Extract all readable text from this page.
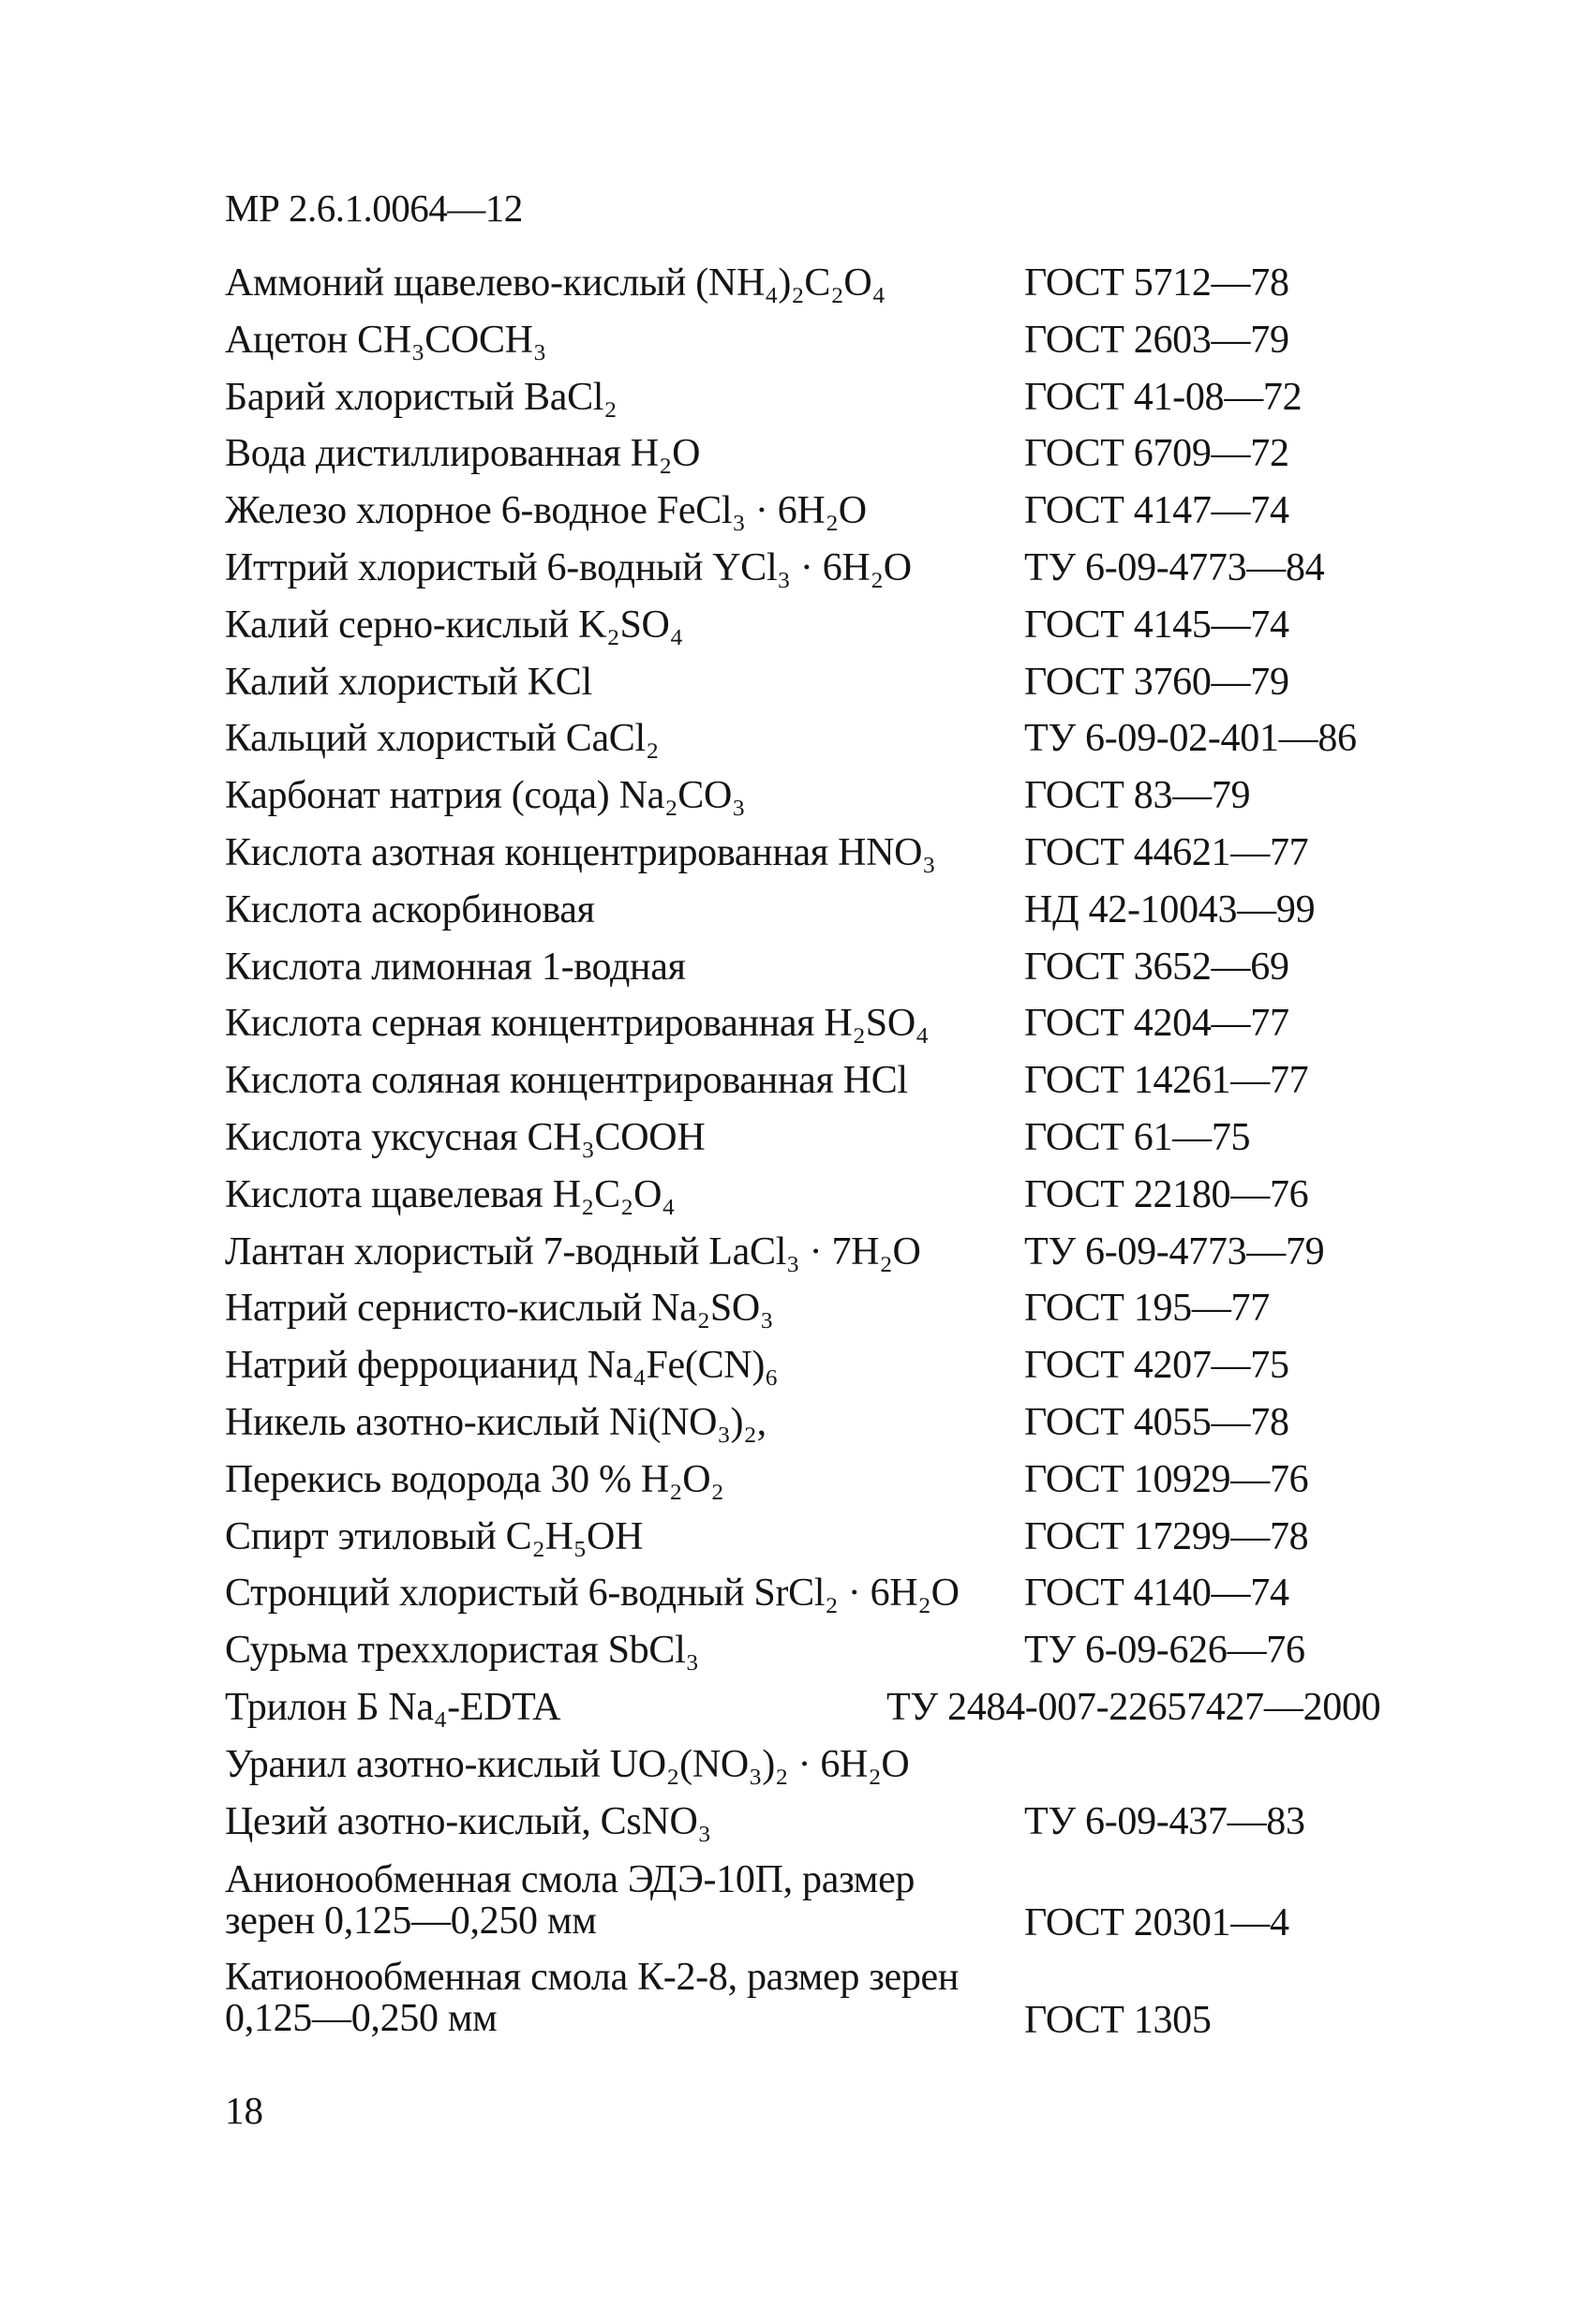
МР 2.6.1.0064—12
Аммоний щавелево-кислый (NH₄)₂C₂O₄	ГОСТ 5712—78
Ацетон CH₃COCH₃	ГОСТ 2603—79
Барий хлористый BaCl₂	ГОСТ 41-08—72
Вода дистиллированная H₂O	ГОСТ 6709—72
Железо хлорное 6-водное FeCl₃ · 6H₂O	ГОСТ 4147—74
Иттрий хлористый 6-водный YCl₃ · 6H₂O	ТУ 6-09-4773—84
Калий серно-кислый K₂SO₄	ГОСТ 4145—74
Калий хлористый KCl	ГОСТ 3760—79
Кальций хлористый CaCl₂	ТУ 6-09-02-401—86
Карбонат натрия (сода) Na₂CO₃	ГОСТ 83—79
Кислота азотная концентрированная HNO₃ ГОСТ 44621—77
Кислота аскорбиновая	НД 42-10043—99
Кислота лимонная 1-водная	ГОСТ 3652—69
Кислота серная концентрированная H₂SO₄ ГОСТ 4204—77
Кислота соляная концентрированная HCl	ГОСТ 14261—77
Кислота уксусная CH₃COOH	ГОСТ 61—75
Кислота щавелевая H₂C₂O₄	ГОСТ 22180—76
Лантан хлористый 7-водный LaCl₃ · 7H₂O	ТУ 6-09-4773—79
Натрий сернисто-кислый Na₂SO₃	ГОСТ 195—77
Натрий ферроцианид Na₄Fe(CN)₆	ГОСТ 4207—75
Никель азотно-кислый Ni(NO₃)₂,	ГОСТ 4055—78
Перекись водорода 30 % H₂O₂	ГОСТ 10929—76
Спирт этиловый C₂H₅OH	ГОСТ 17299—78
Стронций хлористый 6-водный SrCl₂ · 6H₂O ГОСТ 4140—74
Сурьма треххлористая SbCl₃	ТУ 6-09-626—76
Трилон Б Na₄-EDTA	ТУ 2484-007-22657427—2000
Уранил азотно-кислый UO₂(NO₃)₂ · 6H₂O
Цезий азотно-кислый, CsNO₃	ТУ 6-09-437—83
Анионообменная смола ЭДЭ-10П, размер зерен 0,125—0,250 мм	ГОСТ 20301—4
Катионообменная смола К-2-8, размер зерен 0,125—0,250 мм	ГОСТ 1305
18
